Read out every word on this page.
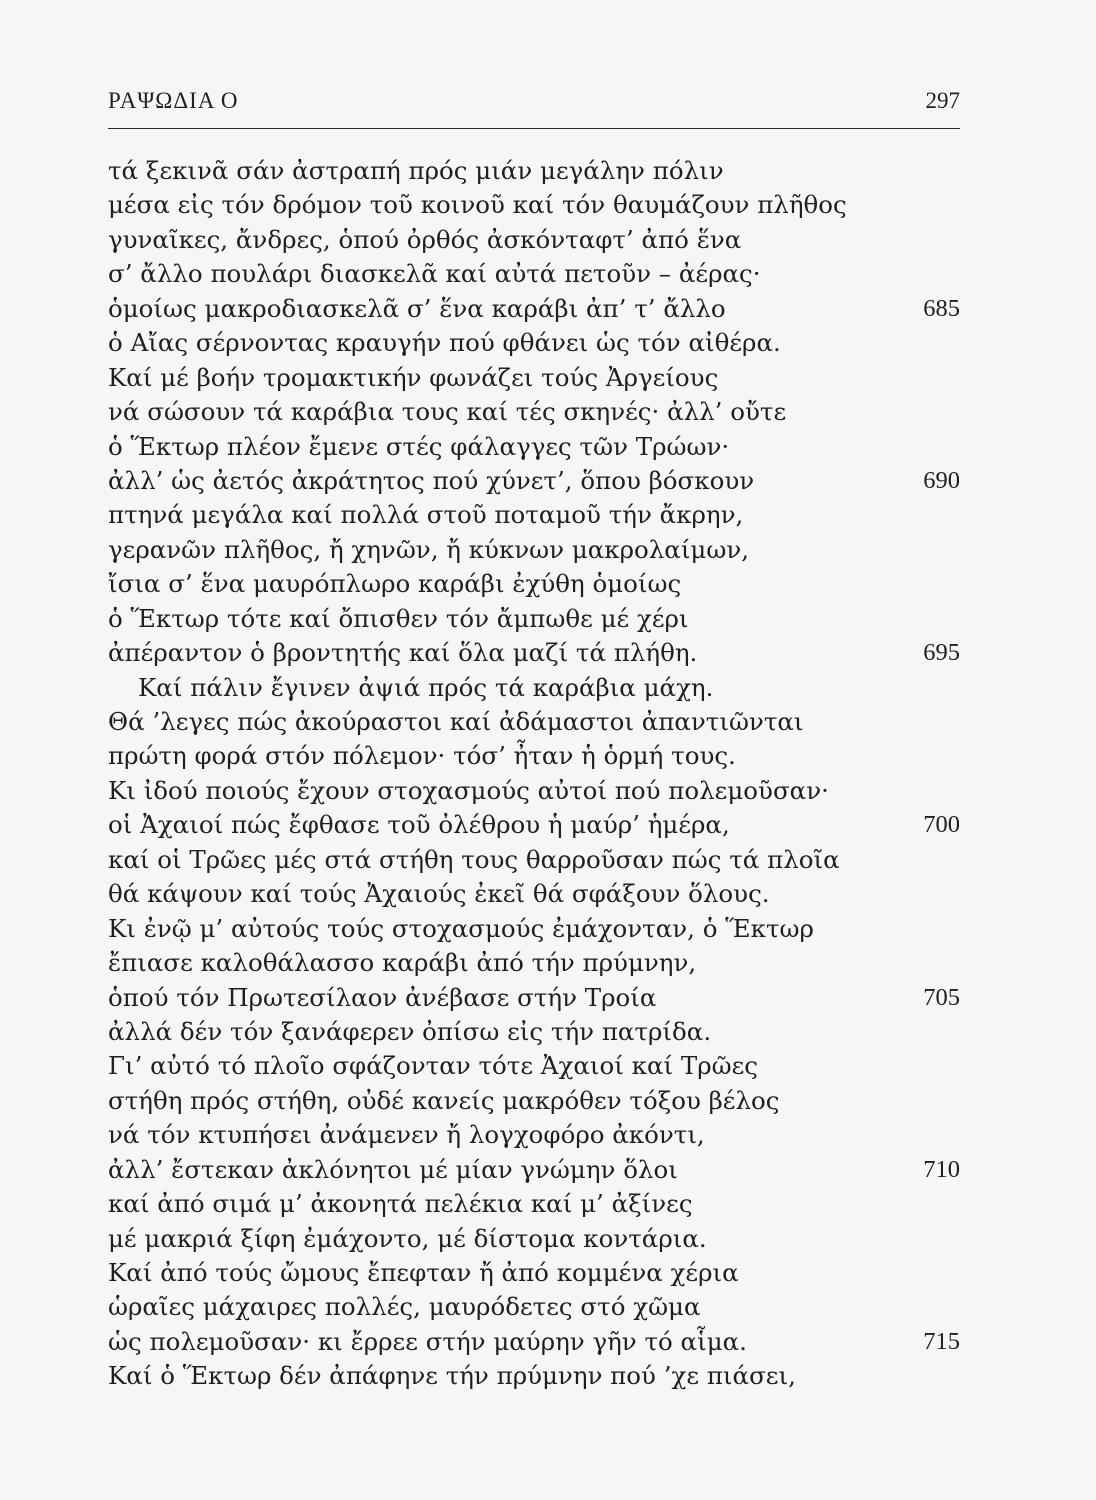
ΡΑΨΩΔΙΑ Ο	297
τά ξεκινᾶ σάν ἀστραπή πρός μιάν μεγάλην πόλιν
μέσα εἰς τόν δρόμον τοῦ κοινοῦ καί τόν θαυμάζουν πλῆθος
γυναῖκες, ἄνδρες, ὁπού ὀρθός ἀσκόνταφτ’ ἀπό ἕνα
σ’ ἄλλο πουλάρι διασκελᾶ καί αὐτά πετοῦν – ἀέρας·
ὁμοίως μακροδιασκελᾶ σ’ ἕνα καράβι ἀπ’ τ’ ἄλλο	685
ὁ Αἴας σέρνοντας κραυγήν πού φθάνει ὡς τόν αἰθέρα.
Καί μέ βοήν τρομακτικήν φωνάζει τούς Ἀργείους
νά σώσουν τά καράβια τους καί τές σκηνές· ἀλλ’ οὔτε
ὁ Ἕκτωρ πλέον ἔμενε στές φάλαγγες τῶν Τρώων·
ἀλλ’ ὡς ἀετός ἀκράτητος πού χύνετ’, ὅπου βόσκουν	690
πτηνά μεγάλα καί πολλά στοῦ ποταμοῦ τήν ἄκρην,
γερανῶν πλῆθος, ἤ χηνῶν, ἤ κύκνων μακρολαίμων,
ἴσια σ’ ἕνα μαυρόπλωρο καράβι ἐχύθη ὁμοίως
ὁ Ἕκτωρ τότε καί ὄπισθεν τόν ἄμπωθε μέ χέρι
ἀπέραντον ὁ βροντητής καί ὅλα μαζί τά πλήθη.	695
Καί πάλιν ἔγινεν ἀψιά πρός τά καράβια μάχη.
Θά ’λεγες πώς ἀκούραστοι καί ἀδάμαστοι ἀπαντιῶνται
πρώτη φορά στόν πόλεμον· τόσ’ ἦταν ἡ ὁρμή τους.
Κι ἰδού ποιούς ἔχουν στοχασμούς αὐτοί πού πολεμοῦσαν·
οἱ Ἀχαιοί πώς ἔφθασε τοῦ ὀλέθρου ἡ μαύρ’ ἡμέρα,	700
καί οἱ Τρῶες μές στά στήθη τους θαρροῦσαν πώς τά πλοῖα
θά κάψουν καί τούς Ἀχαιούς ἐκεῖ θά σφάξουν ὅλους.
Κι ἐνῷ μ’ αὐτούς τούς στοχασμούς ἐμάχονταν, ὁ Ἕκτωρ
ἔπιασε καλοθάλασσο καράβι ἀπό τήν πρύμνην,
ὁπού τόν Πρωτεσίλαον ἀνέβασε στήν Τροία	705
ἀλλά δέν τόν ξανάφερεν ὀπίσω εἰς τήν πατρίδα.
Γι’ αὐτό τό πλοῖο σφάζονταν τότε Ἀχαιοί καί Τρῶες
στήθη πρός στήθη, οὐδέ κανείς μακρόθεν τόξου βέλος
νά τόν κτυπήσει ἀνάμενεν ἤ λογχοφόρο ἀκόντι,
ἀλλ’ ἔστεκαν ἀκλόνητοι μέ μίαν γνώμην ὅλοι	710
καί ἀπό σιμά μ’ ἀκονητά πελέκια καί μ’ ἀξίνες
μέ μακριά ξίφη ἐμάχοντο, μέ δίστομα κοντάρια.
Καί ἀπό τούς ὤμους ἔπεφταν ἤ ἀπό κομμένα χέρια
ὡραῖες μάχαιρες πολλές, μαυρόδετες στό χῶμα
ὡς πολεμοῦσαν· κι ἔρρεε στήν μαύρην γῆν τό αἷμα.	715
Καί ὁ Ἕκτωρ δέν ἀπάφηνε τήν πρύμνην πού ’χε πιάσει,
